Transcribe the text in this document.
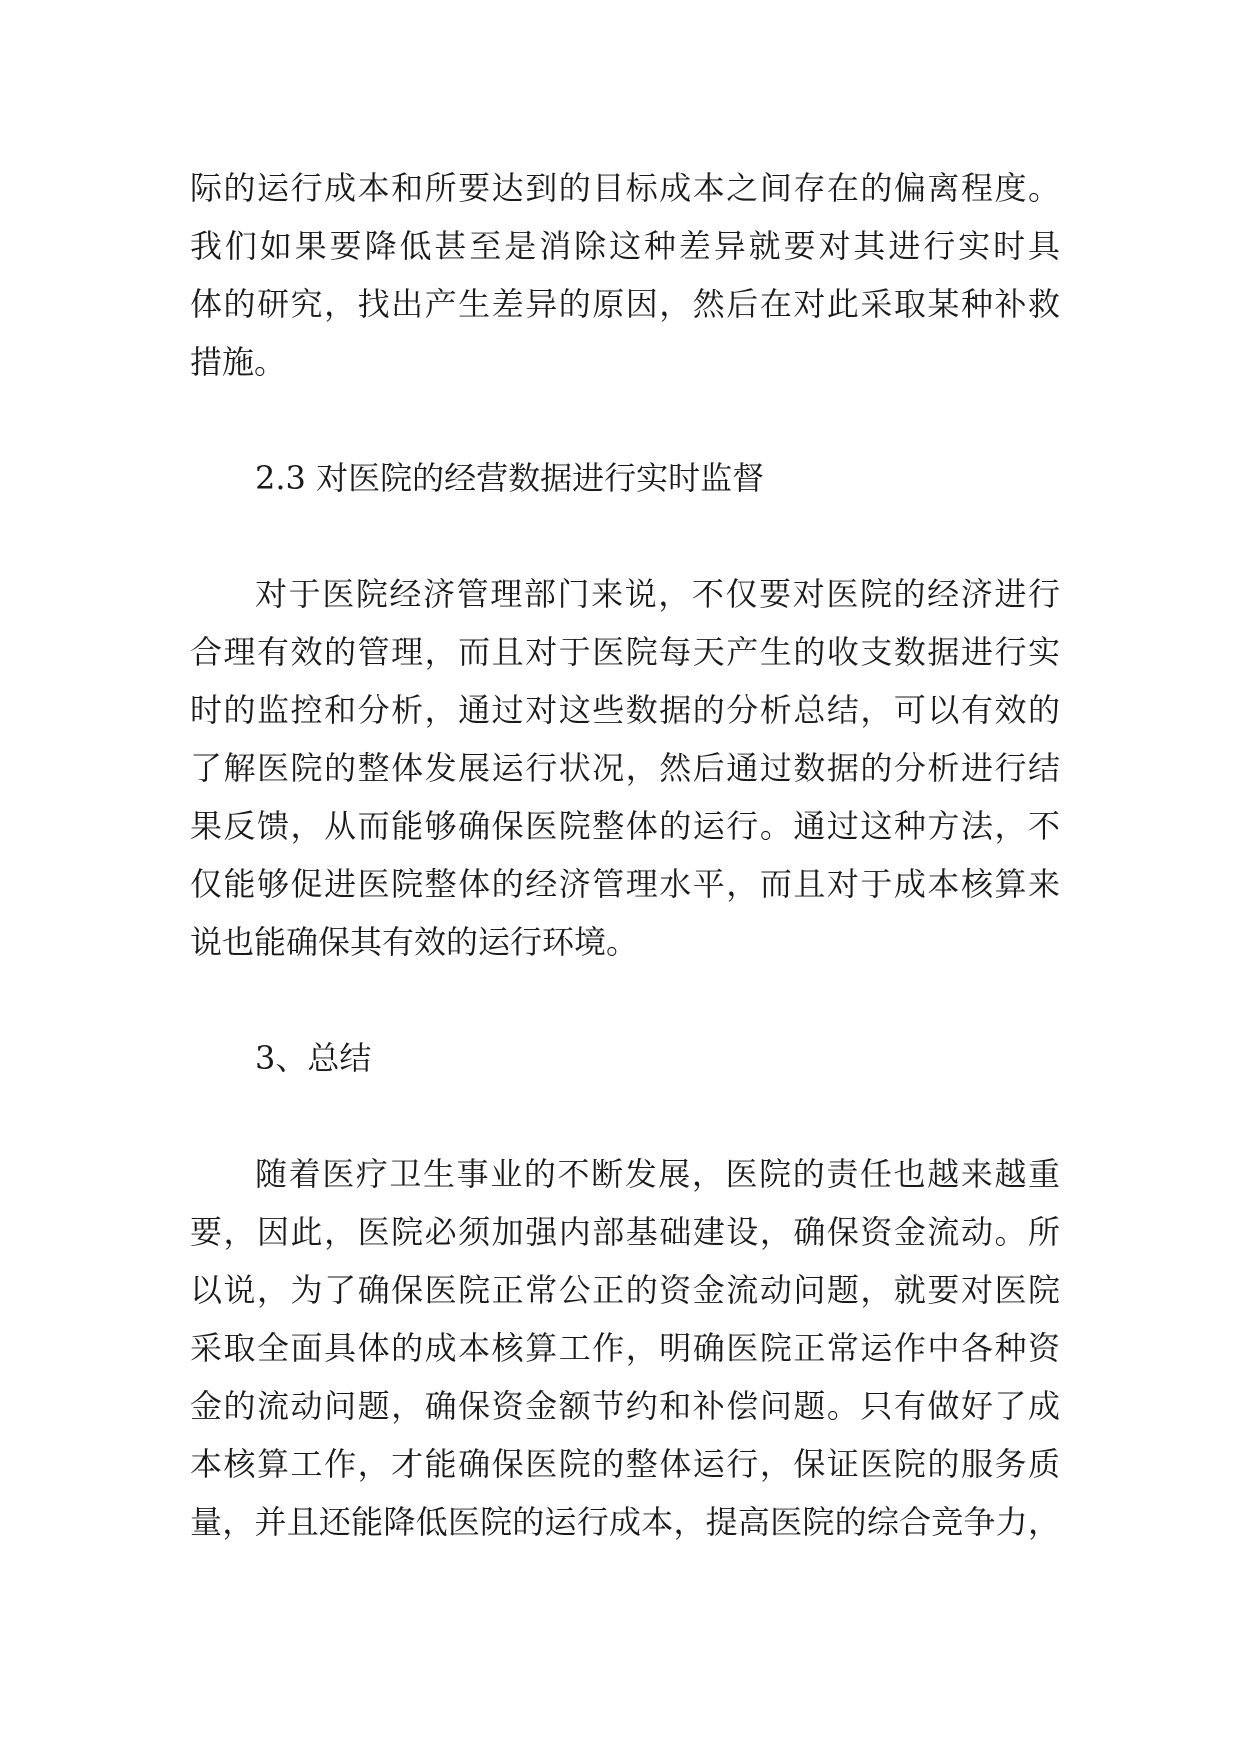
际的运行成本和所要达到的目标成本之间存在的偏离程度。
我们如果要降低甚至是消除这种差异就要对其进行实时具
体的研究，找出产生差异的原因，然后在对此采取某种补救
措施。
2.3 对医院的经营数据进行实时监督
对于医院经济管理部门来说，不仅要对医院的经济进行
合理有效的管理，而且对于医院每天产生的收支数据进行实
时的监控和分析，通过对这些数据的分析总结，可以有效的
了解医院的整体发展运行状况，然后通过数据的分析进行结
果反馈，从而能够确保医院整体的运行。通过这种方法，不
仅能够促进医院整体的经济管理水平，而且对于成本核算来
说也能确保其有效的运行环境。
3、总结
随着医疗卫生事业的不断发展，医院的责任也越来越重
要，因此，医院必须加强内部基础建设，确保资金流动。所
以说，为了确保医院正常公正的资金流动问题，就要对医院
采取全面具体的成本核算工作，明确医院正常运作中各种资
金的流动问题，确保资金额节约和补偿问题。只有做好了成
本核算工作，才能确保医院的整体运行，保证医院的服务质
量，并且还能降低医院的运行成本，提高医院的综合竞争力，
